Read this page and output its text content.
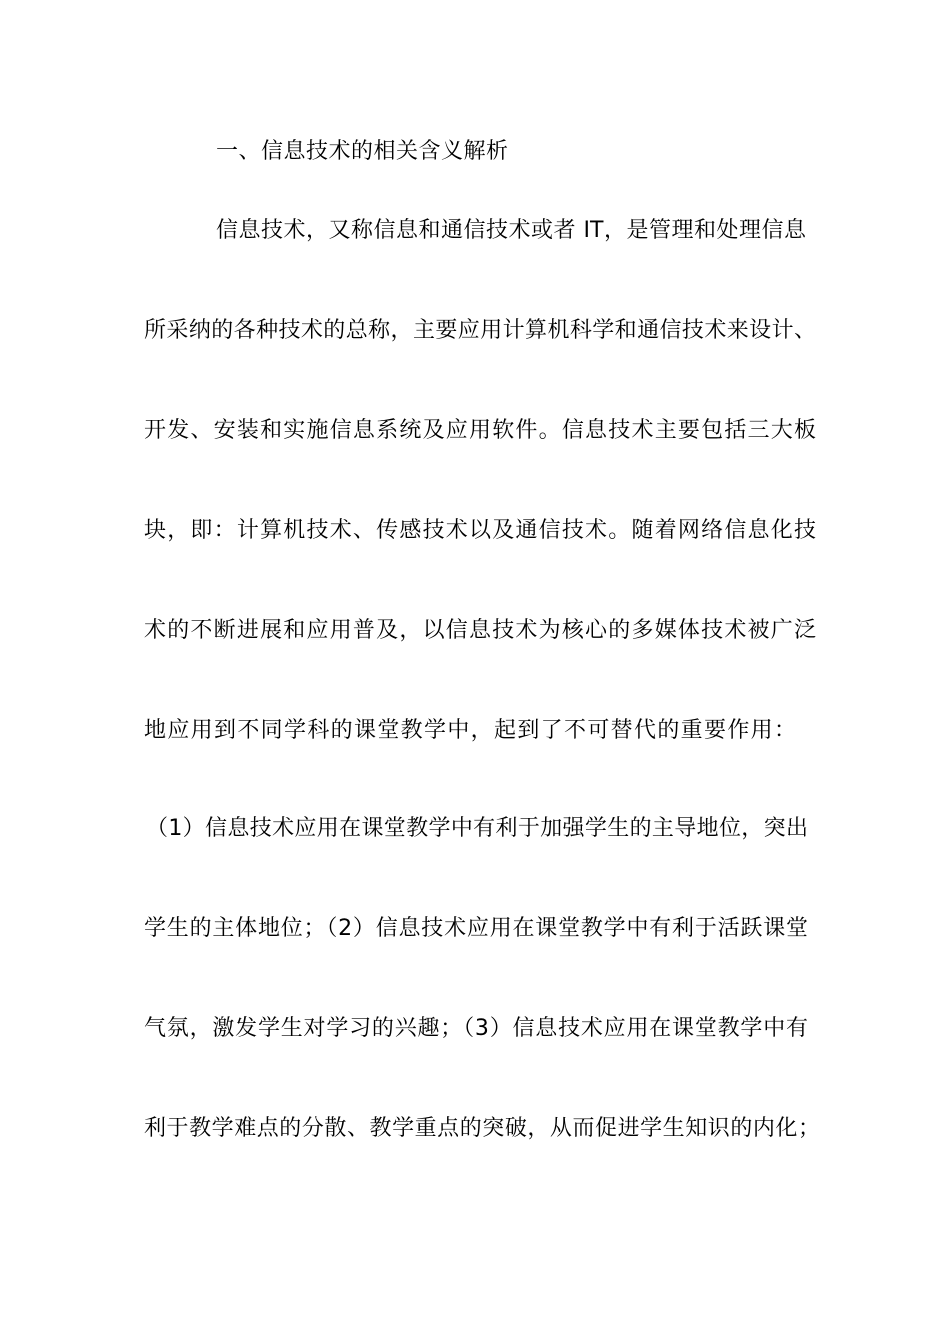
一、信息技术的相关含义解析
信息技术，又称信息和通信技术或者 IT，是管理和处理信息
所采纳的各种技术的总称，主要应用计算机科学和通信技术来设计、
开发、安装和实施信息系统及应用软件。信息技术主要包括三大板
块，即：计算机技术、传感技术以及通信技术。随着网络信息化技
术的不断进展和应用普及，以信息技术为核心的多媒体技术被广泛
地应用到不同学科的课堂教学中，起到了不可替代的重要作用：
（1）信息技术应用在课堂教学中有利于加强学生的主导地位，突出
学生的主体地位；（2）信息技术应用在课堂教学中有利于活跃课堂
气氛，激发学生对学习的兴趣；（3）信息技术应用在课堂教学中有
利于教学难点的分散、教学重点的突破，从而促进学生知识的内化；
